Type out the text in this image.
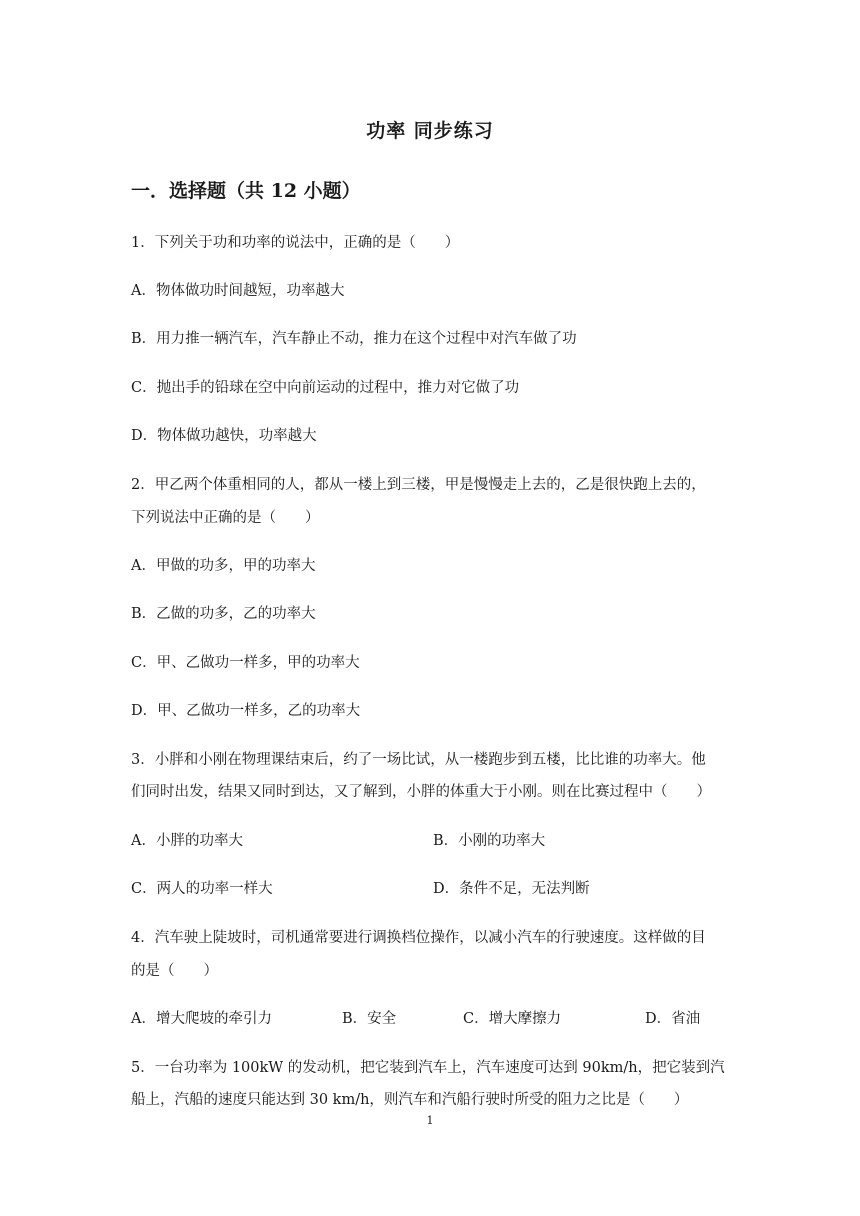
功率 同步练习
一．选择题（共 12 小题）
1．下列关于功和功率的说法中，正确的是（　　）
A．物体做功时间越短，功率越大
B．用力推一辆汽车，汽车静止不动，推力在这个过程中对汽车做了功
C．抛出手的铅球在空中向前运动的过程中，推力对它做了功
D．物体做功越快，功率越大
2．甲乙两个体重相同的人，都从一楼上到三楼，甲是慢慢走上去的，乙是很快跑上去的，
下列说法中正确的是（　　）
A．甲做的功多，甲的功率大
B．乙做的功多，乙的功率大
C．甲、乙做功一样多，甲的功率大
D．甲、乙做功一样多，乙的功率大
3．小胖和小刚在物理课结束后，约了一场比试，从一楼跑步到五楼，比比谁的功率大。他
们同时出发，结果又同时到达，又了解到，小胖的体重大于小刚。则在比赛过程中（　　）
A．小胖的功率大	B．小刚的功率大
C．两人的功率一样大	D．条件不足，无法判断
4．汽车驶上陡坡时，司机通常要进行调换档位操作，以减小汽车的行驶速度。这样做的目
的是（　　）
A．增大爬坡的牵引力	B．安全	C．增大摩擦力	D．省油
5．一台功率为 100kW 的发动机，把它装到汽车上，汽车速度可达到 90km/h，把它装到汽
船上，汽船的速度只能达到 30 km/h，则汽车和汽船行驶时所受的阻力之比是（　　）
1
